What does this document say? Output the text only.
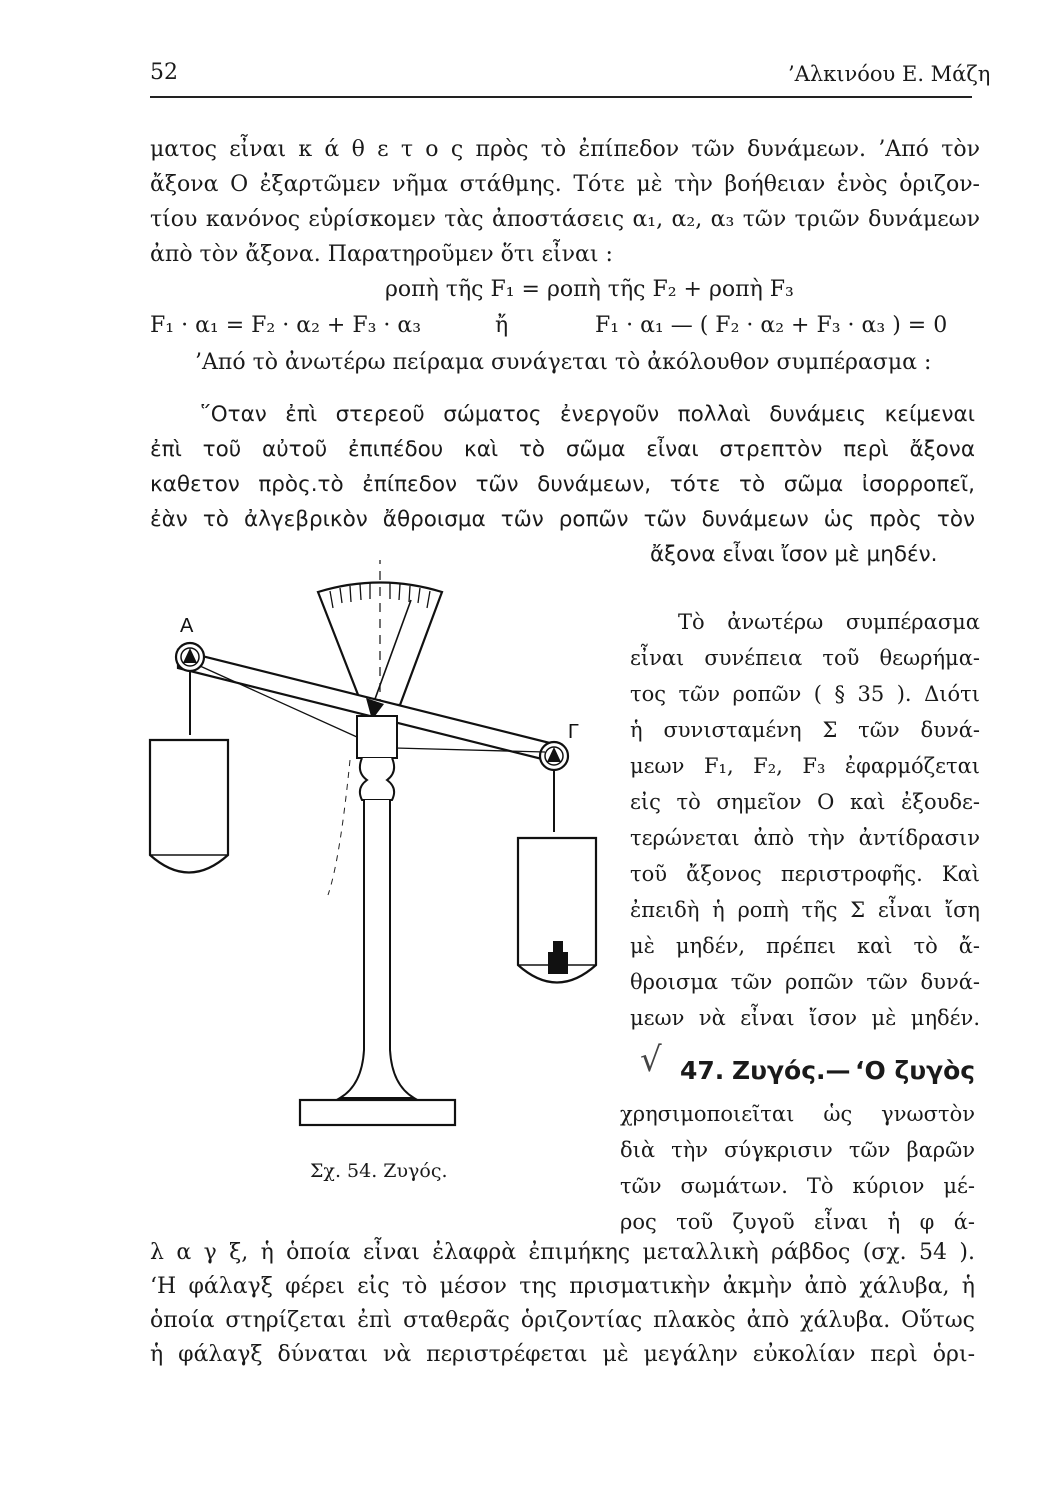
52	’Αλκινόου Ε. Μάζη
ματος εἶναι κ ά θ ε τ ο ς πρὸς τὸ ἐπίπεδον τῶν δυνάμεων. ’Από τὸν
ἄξονα Ο ἐξαρτῶμεν νῆμα στάθμης. Τότε μὲ τὴν βοήθειαν ἑνὸς ὁριζον-
τίου κανόνος εὑρίσκομεν τὰς ἀποστάσεις α₁, α₂, α₃ τῶν τριῶν δυνάμεων
ἀπὸ τὸν ἄξονα. Παρατηροῦμεν ὅτι εἶναι :
ροπὴ τῆς F₁ = ροπὴ τῆς F₂ + ροπὴ F₃
F₁ · α₁ = F₂ · α₂ + F₃ · α₃	ἤ	F₁ · α₁ — ( F₂ · α₂ + F₃ · α₃ ) = 0
’Από τὸ ἀνωτέρω πείραμα συνάγεται τὸ ἀκόλουθον συμπέρασμα :
῞Οταν ἐπὶ στερεοῦ σώματος ἐνεργοῦν πολλαὶ δυνάμεις κείμεναι
ἐπὶ τοῦ αὐτοῦ ἐπιπέδου καὶ τὸ σῶμα εἶναι στρεπτὸν περὶ ἄξονα
καθετον πρὸς.τὸ ἐπίπεδον τῶν δυνάμεων, τότε τὸ σῶμα ἰσορροπεῖ,
ἐὰν τὸ ἀλγεβρικὸν ἄθροισμα τῶν ροπῶν τῶν δυνάμεων ὡς πρὸς τὸν
ἄξονα εἶναι ἴσον μὲ μηδέν.
Α
Γ
Σχ. 54. Ζυγός.
Τὸ ἀνωτέρω συμπέρασμα
εἶναι συνέπεια τοῦ θεωρήμα-
τος τῶν ροπῶν ( § 35 ). Διότι
ἡ συνισταμένη Σ τῶν δυνά-
μεων F₁, F₂, F₃ ἐφαρμόζεται
εἰς τὸ σημεῖον Ο καὶ ἐξουδε-
τερώνεται ἀπὸ τὴν ἀντίδρασιν
τοῦ ἄξονος περιστροφῆς. Καὶ
ἐπειδὴ ἡ ροπὴ τῆς Σ εἶναι ἴση
μὲ μηδέν, πρέπει καὶ τὸ ἄ-
θροισμα τῶν ροπῶν τῶν δυνά-
μεων νὰ εἶναι ἴσον μὲ μηδέν.
√ 47. Ζυγός.— ‘Ο ζυγὸς
χρησιμοποιεῖται ὡς γνωστὸν
διὰ τὴν σύγκρισιν τῶν βαρῶν
τῶν σωμάτων. Τὸ κύριον μέ-
ρος τοῦ ζυγοῦ εἶναι ἡ φ ά-
λ α γ ξ, ἡ ὁποία εἶναι ἐλαφρὰ ἐπιμήκης μεταλλικὴ ράβδος (σχ. 54 ).
‘Η φάλαγξ φέρει εἰς τὸ μέσον της πρισματικὴν ἀκμὴν ἀπὸ χάλυβα, ἡ
ὁποία στηρίζεται ἐπὶ σταθερᾶς ὁριζοντίας πλακὸς ἀπὸ χάλυβα. Οὕτως
ἡ φάλαγξ δύναται νὰ περιστρέφεται μὲ μεγάλην εὐκολίαν περὶ ὁρι-
